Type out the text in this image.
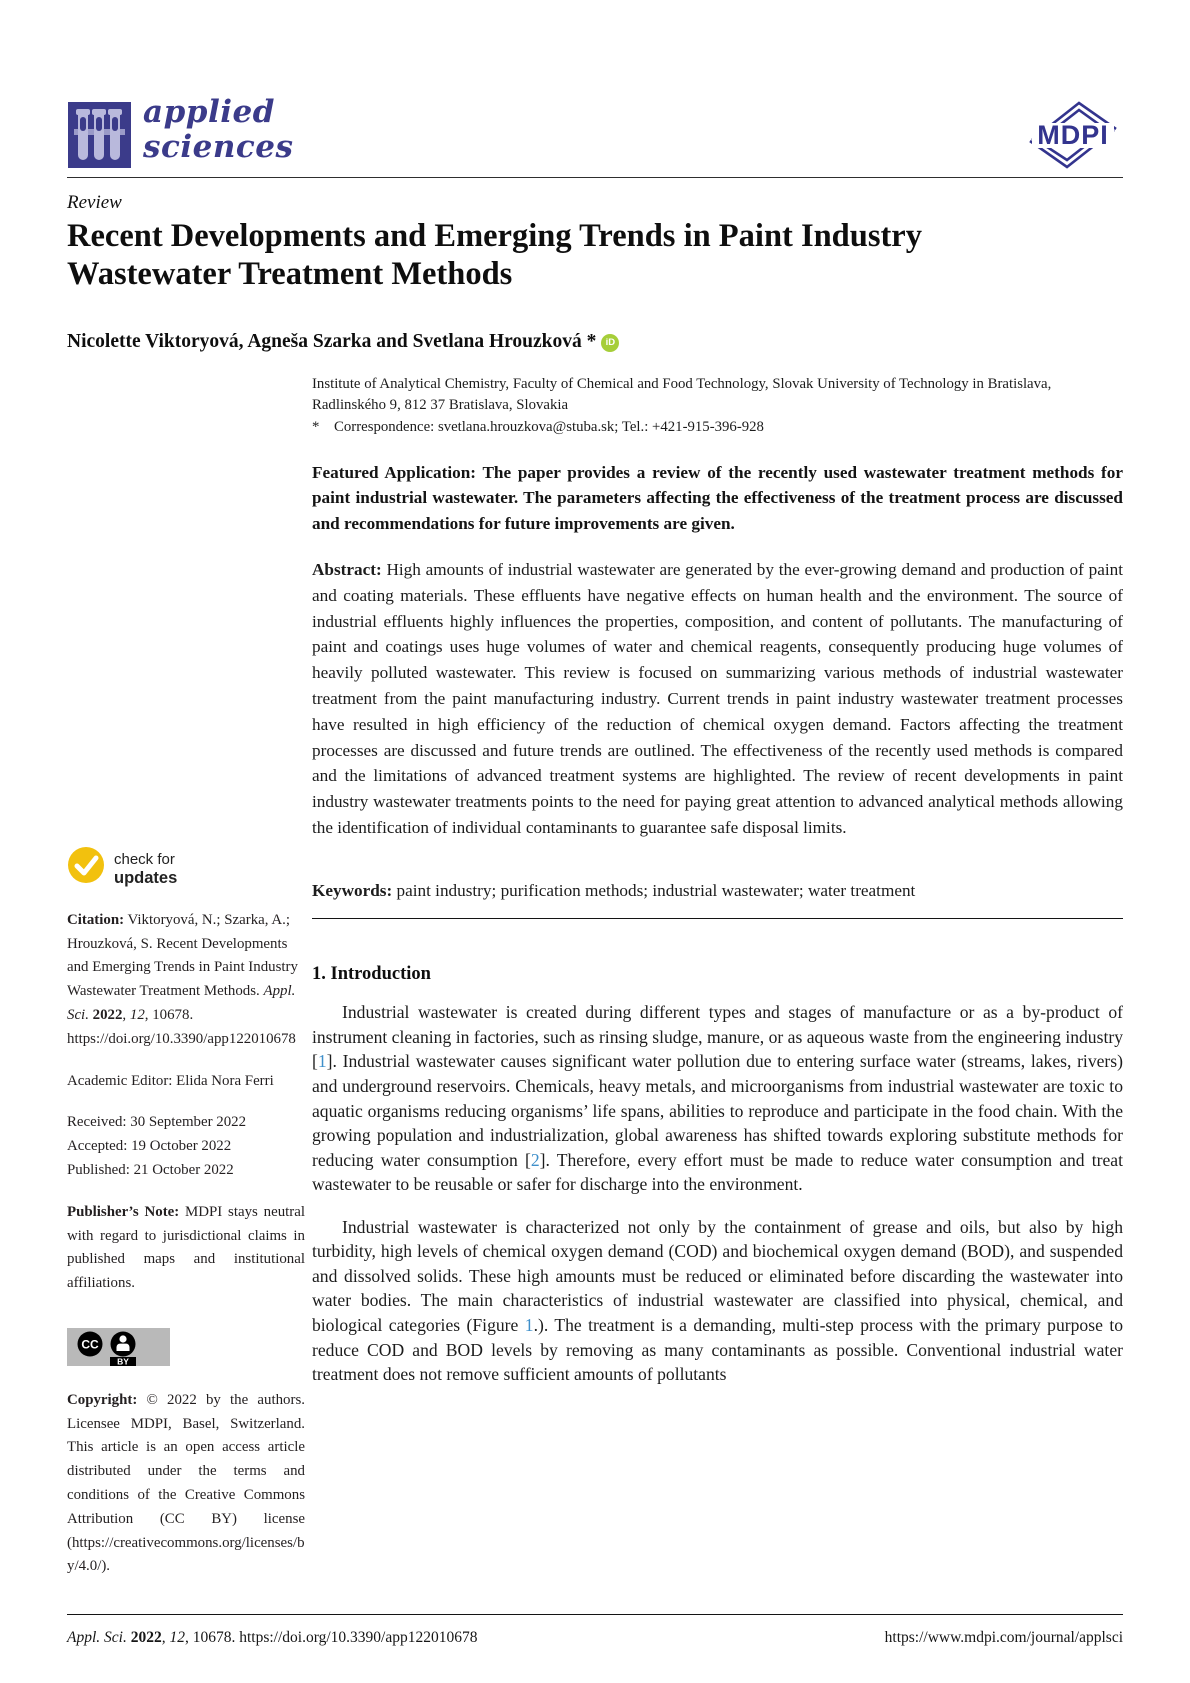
applied
sciences	MDPI
Review
Recent Developments and Emerging Trends in Paint Industry Wastewater Treatment Methods
Nicolette Viktoryová, Agneša Szarka and Svetlana Hrouzková * iD
check for
updates

Citation: Viktoryová, N.; Szarka, A.; Hrouzková, S. Recent Developments and Emerging Trends in Paint Industry Wastewater Treatment Methods. Appl. Sci. 2022, 12, 10678. https://doi.org/10.3390/app122010678

Academic Editor: Elida Nora Ferri
Received: 30 September 2022
Accepted: 19 October 2022
Published: 21 October 2022

Publisher’s Note: MDPI stays neutral with regard to jurisdictional claims in published maps and institutional affiliations.

CC
BY

Copyright: © 2022 by the authors. Licensee MDPI, Basel, Switzerland. This article is an open access article distributed under the terms and conditions of the Creative Commons Attribution (CC BY) license (https://creativecommons.org/licenses/by/4.0/).

Institute of Analytical Chemistry, Faculty of Chemical and Food Technology, Slovak University of Technology in Bratislava, Radlinského 9, 812 37 Bratislava, Slovakia
* Correspondence: svetlana.hrouzkova@stuba.sk; Tel.: +421-915-396-928

Featured Application: The paper provides a review of the recently used wastewater treatment methods for paint industrial wastewater. The parameters affecting the effectiveness of the treatment process are discussed and recommendations for future improvements are given.

Abstract: High amounts of industrial wastewater are generated by the ever-growing demand and production of paint and coating materials. These effluents have negative effects on human health and the environment. The source of industrial effluents highly influences the properties, composition, and content of pollutants. The manufacturing of paint and coatings uses huge volumes of water and chemical reagents, consequently producing huge volumes of heavily polluted wastewater. This review is focused on summarizing various methods of industrial wastewater treatment from the paint manufacturing industry. Current trends in paint industry wastewater treatment processes have resulted in high efficiency of the reduction of chemical oxygen demand. Factors affecting the treatment processes are discussed and future trends are outlined. The effectiveness of the recently used methods is compared and the limitations of advanced treatment systems are highlighted. The review of recent developments in paint industry wastewater treatments points to the need for paying great attention to advanced analytical methods allowing the identification of individual contaminants to guarantee safe disposal limits.

Keywords: paint industry; purification methods; industrial wastewater; water treatment

1. Introduction

Industrial wastewater is created during different types and stages of manufacture or as a by-product of instrument cleaning in factories, such as rinsing sludge, manure, or as aqueous waste from the engineering industry [1]. Industrial wastewater causes significant water pollution due to entering surface water (streams, lakes, rivers) and underground reservoirs. Chemicals, heavy metals, and microorganisms from industrial wastewater are toxic to aquatic organisms reducing organisms’ life spans, abilities to reproduce and participate in the food chain. With the growing population and industrialization, global awareness has shifted towards exploring substitute methods for reducing water consumption [2]. Therefore, every effort must be made to reduce water consumption and treat wastewater to be reusable or safer for discharge into the environment.

Industrial wastewater is characterized not only by the containment of grease and oils, but also by high turbidity, high levels of chemical oxygen demand (COD) and biochemical oxygen demand (BOD), and suspended and dissolved solids. These high amounts must be reduced or eliminated before discarding the wastewater into water bodies. The main characteristics of industrial wastewater are classified into physical, chemical, and biological categories (Figure 1.). The treatment is a demanding, multi-step process with the primary purpose to reduce COD and BOD levels by removing as many contaminants as possible. Conventional industrial water treatment does not remove sufficient amounts of pollutants

Appl. Sci. 2022, 12, 10678. https://doi.org/10.3390/app122010678	https://www.mdpi.com/journal/applsci
